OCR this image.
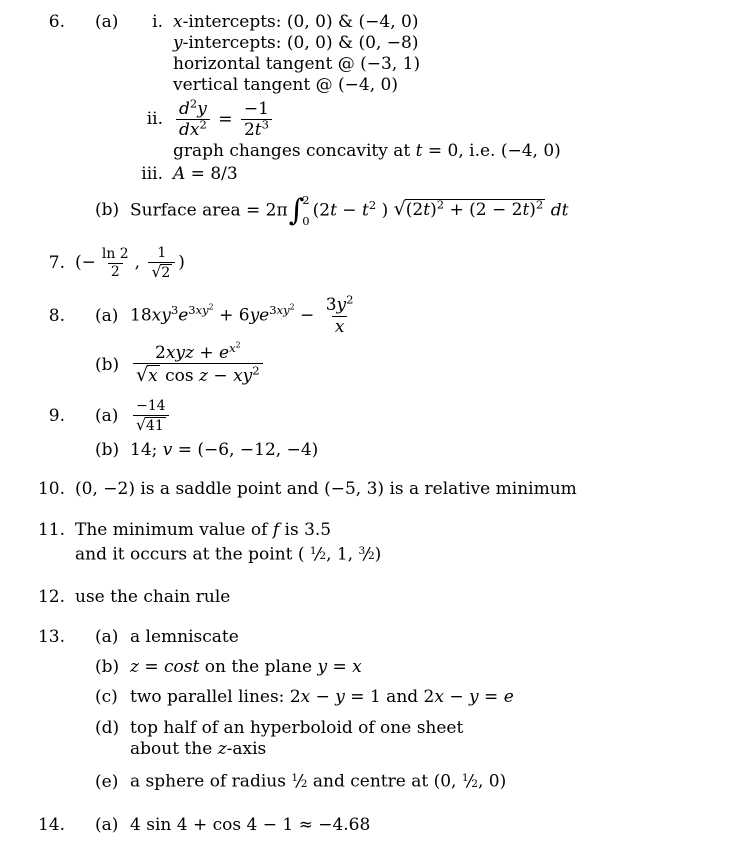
6. (a)	i. x-intercepts: (0, 0) & (−4, 0)
y-intercepts: (0, 0) & (0, −8)
horizontal tangent @ (−3, 1)
vertical tangent @ (−4, 0)
ii. $\frac{d^2y}{dx^2} = \frac{-1}{2t^3}$
graph changes concavity at t = 0, i.e. (−4, 0)
iii. A = 8/3
(b) Surface area = 2π ∫
2
0
($2t - t^2$ ) $√(2t)^2 + (2 - 2t)^2$ dt
7. (− $\frac{\ln 2}{2}$ , $\frac{1}{√2}$ )
8. (a) $18xy^3e^{3xy^2} + 6ye^{3xy^2} - \frac{3y^2}{x}$
$(b) \frac{2xyz + e^{x^2}}{√x \cos z - xy^2}$
9. (a)	$\frac{-14}{√41}$
(b) 14; v = (−6, −12, −4)
10. (0, −2) is a saddle point and (−5, 3) is a relative minimum
11. The minimum value of f is 3.5
and it occurs at the point ( $^1$/2, 1, $^3$/2)
12. use the chain rule
13. (a) a lemniscate
(b) z = cost on the plane y = x
(c) two parallel lines: 2x − y = 1 and 2x − y = e
(d) top half of an hyperboloid of one sheet
about the z-axis
(e) a sphere of radius $^1$/2 and centre at (0, $^1$/2, 0)
14. (a) 4 sin 4 + cos 4 − 1 ≈ −4.68
